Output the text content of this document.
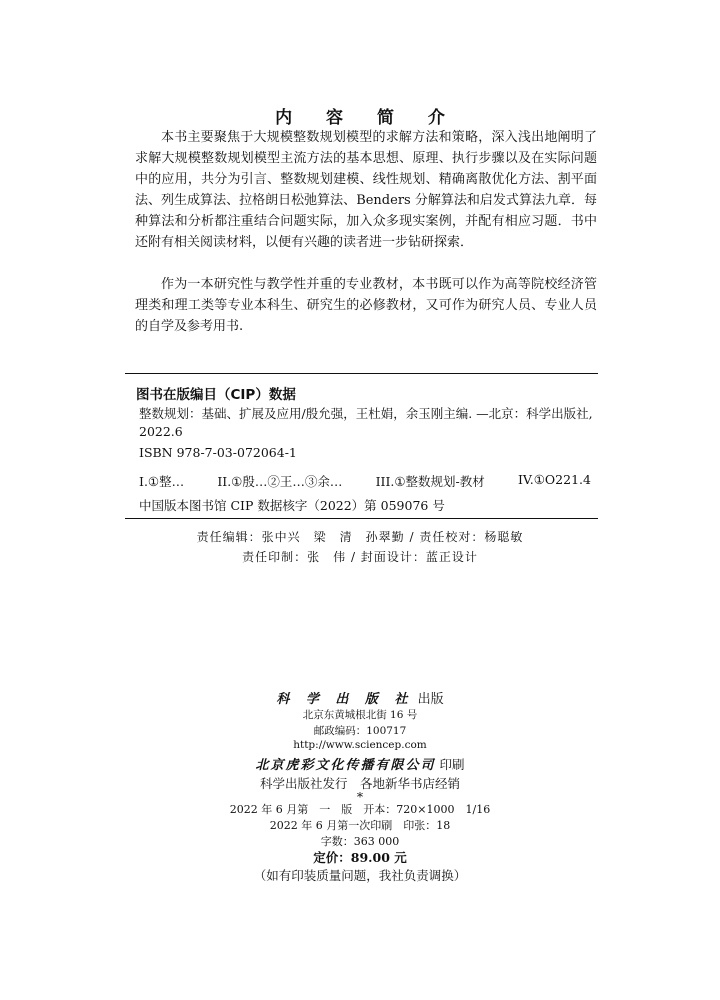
内 容 简 介

本书主要聚焦于大规模整数规划模型的求解方法和策略，深入浅出地阐明了求解大规模整数规划模型主流方法的基本思想、原理、执行步骤以及在实际问题中的应用，共分为引言、整数规划建模、线性规划、精确离散优化方法、割平面法、列生成算法、拉格朗日松弛算法、Benders 分解算法和启发式算法九章．每种算法和分析都注重结合问题实际，加入众多现实案例，并配有相应习题．书中还附有相关阅读材料，以便有兴趣的读者进一步钻研探索．

作为一本研究性与教学性并重的专业教材，本书既可以作为高等院校经济管理类和理工类等专业本科生、研究生的必修教材，又可作为研究人员、专业人员的自学及参考用书.

图书在版编目（CIP）数据
整数规划：基础、扩展及应用/殷允强，王杜娟，余玉刚主编. —北京：科学出版社, 2022.6
ISBN 978-7-03-072064-1
I.①整…	II.①殷…②王…③余…	III.①整数规划-教材	IV.①O221.4
中国版本图书馆 CIP 数据核字（2022）第 059076 号
责任编辑：张中兴　梁　清　孙翠勤 / 责任校对：杨聪敏
责任印制：张　伟 / 封面设计：蓝正设计
科 学 出 版 社 出版
北京东黄城根北街 16 号
邮政编码：100717
http://www.sciencep.com
北京虎彩文化传播有限公司 印刷
科学出版社发行　各地新华书店经销
*
2022 年 6 月第　一　版　开本：720×1000　1/16
2022 年 6 月第一次印刷　印张：18
字数：363 000
定价：89.00 元
（如有印装质量问题，我社负责调换）
